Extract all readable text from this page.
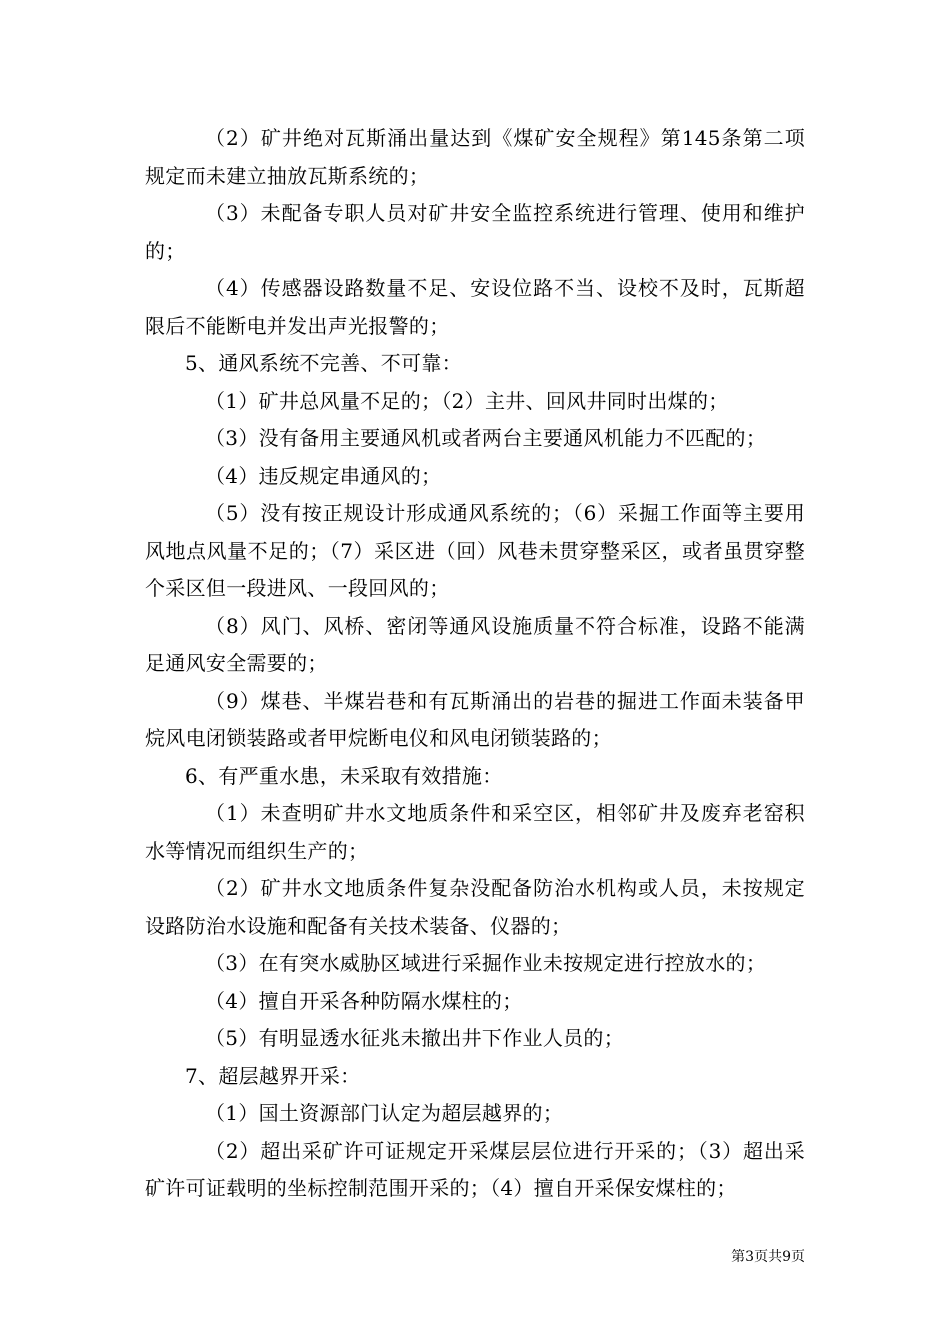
（2）矿井绝对瓦斯涌出量达到《煤矿安全规程》第145条第二项规定而未建立抽放瓦斯系统的；

（3）未配备专职人员对矿井安全监控系统进行管理、使用和维护的；

（4）传感器设路数量不足、安设位路不当、设校不及时，瓦斯超限后不能断电并发出声光报警的；

5、通风系统不完善、不可靠：

（1）矿井总风量不足的；（2）主井、回风井同时出煤的；

（3）没有备用主要通风机或者两台主要通风机能力不匹配的；

（4）违反规定串通风的；

（5）没有按正规设计形成通风系统的；（6）采掘工作面等主要用风地点风量不足的；（7）采区进（回）风巷未贯穿整采区，或者虽贯穿整个采区但一段进风、一段回风的；

（8）风门、风桥、密闭等通风设施质量不符合标准，设路不能满足通风安全需要的；

（9）煤巷、半煤岩巷和有瓦斯涌出的岩巷的掘进工作面未装备甲烷风电闭锁装路或者甲烷断电仪和风电闭锁装路的；

6、有严重水患，未采取有效措施：

（1）未查明矿井水文地质条件和采空区，相邻矿井及废弃老窑积水等情况而组织生产的；

（2）矿井水文地质条件复杂没配备防治水机构或人员，未按规定设路防治水设施和配备有关技术装备、仪器的；

（3）在有突水威胁区域进行采掘作业未按规定进行控放水的；

（4）擅自开采各种防隔水煤柱的；

（5）有明显透水征兆未撤出井下作业人员的；

7、超层越界开采：

（1）国土资源部门认定为超层越界的；

（2）超出采矿许可证规定开采煤层层位进行开采的；（3）超出采矿许可证载明的坐标控制范围开采的；（4）擅自开采保安煤柱的；

第3页共9页
